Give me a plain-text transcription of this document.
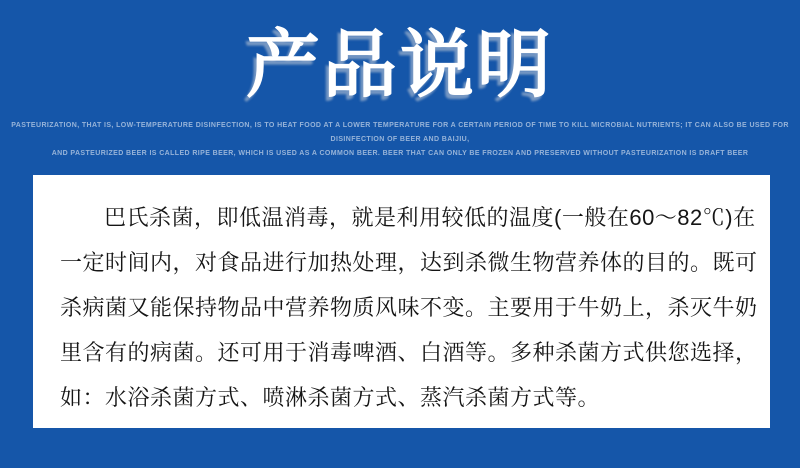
产品说明
PASTEURIZATION, THAT IS, LOW-TEMPERATURE DISINFECTION, IS TO HEAT FOOD AT A LOWER TEMPERATURE FOR A CERTAIN PERIOD OF TIME TO KILL MICROBIAL NUTRIENTS; IT CAN ALSO BE USED FOR DISINFECTION OF BEER AND BAIJIU,
AND PASTEURIZED BEER IS CALLED RIPE BEER, WHICH IS USED AS A COMMON BEER. BEER THAT CAN ONLY BE FROZEN AND PRESERVED WITHOUT PASTEURIZATION IS DRAFT BEER
巴氏杀菌，即低温消毒，就是利用较低的温度(一般在60～82℃)在
一定时间内，对食品进行加热处理，达到杀微生物营养体的目的。既可
杀病菌又能保持物品中营养物质风味不变。主要用于牛奶上，杀灭牛奶
里含有的病菌。还可用于消毒啤酒、白酒等。多种杀菌方式供您选择，
如：水浴杀菌方式、喷淋杀菌方式、蒸汽杀菌方式等。
